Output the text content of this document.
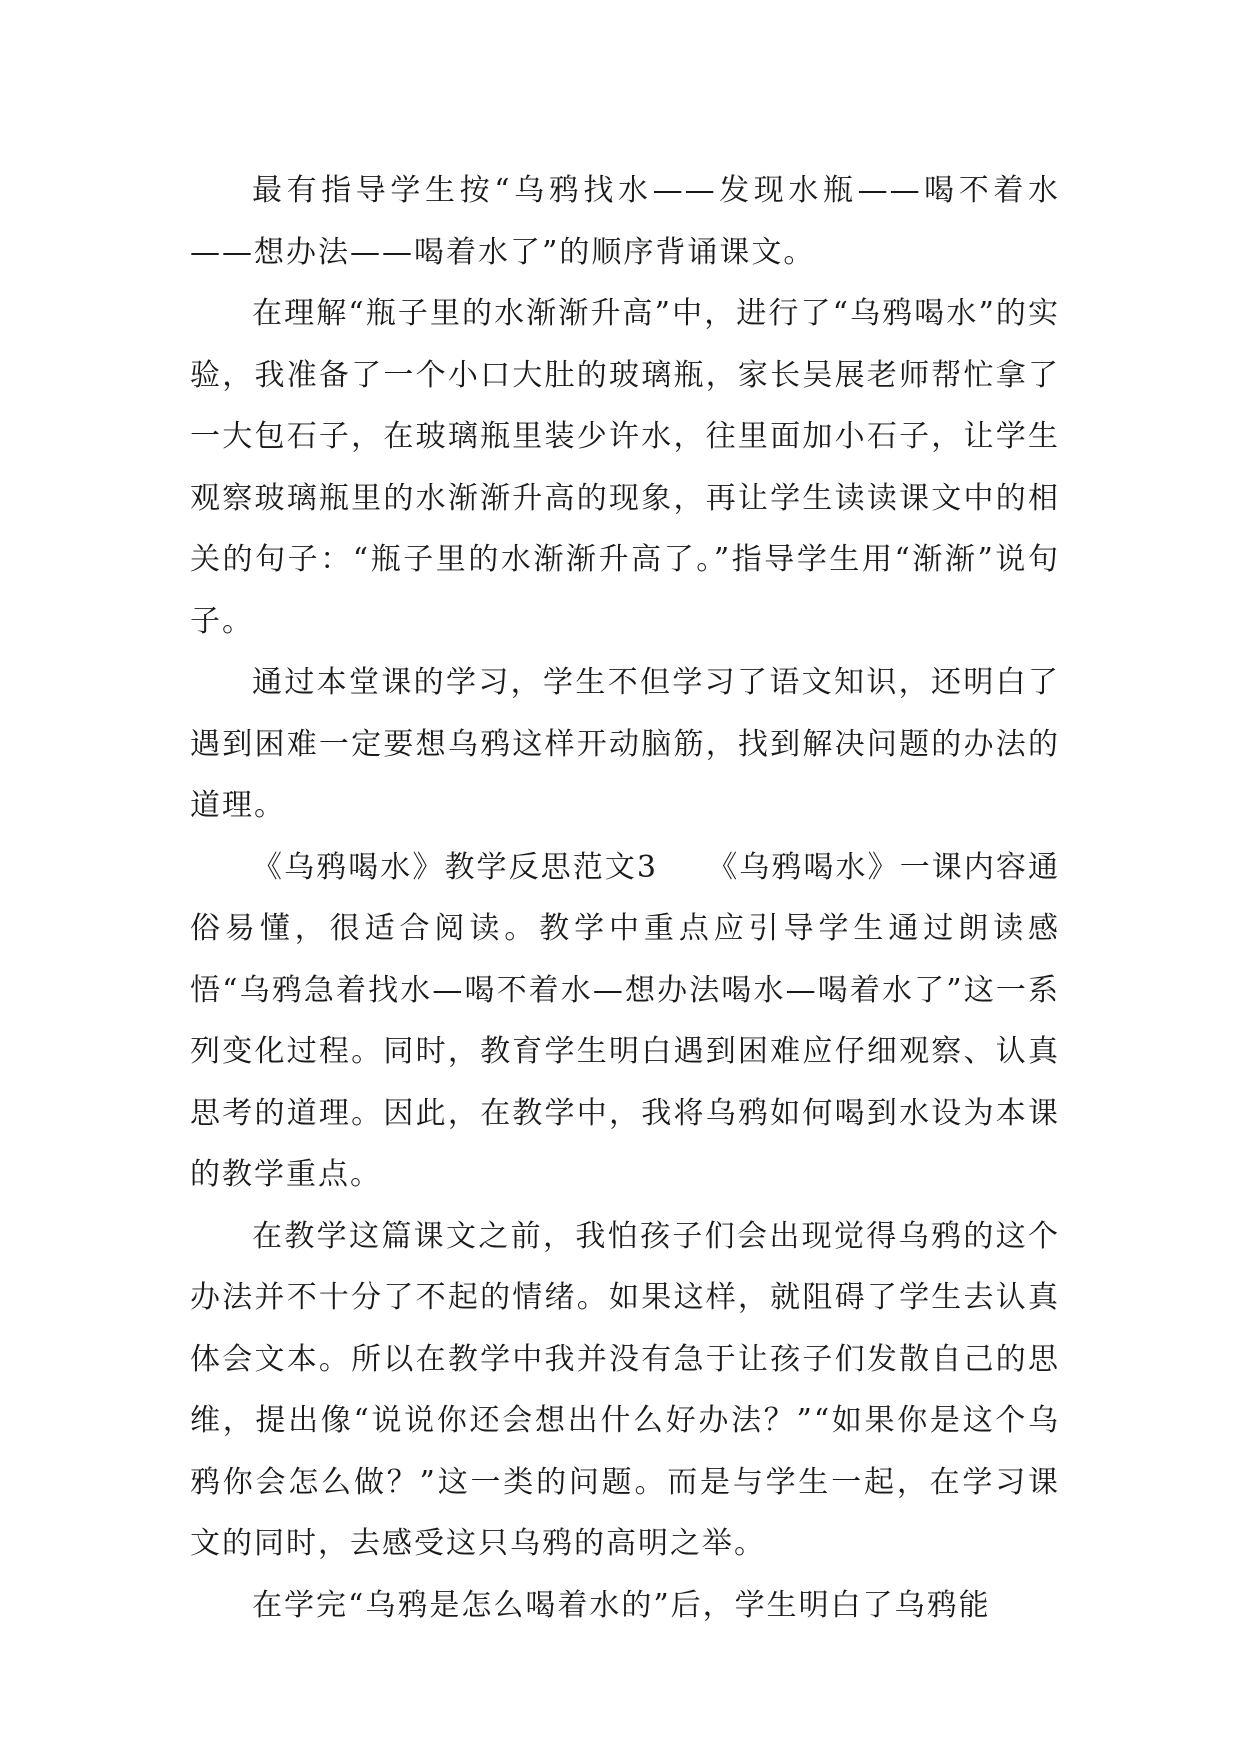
最有指导学生按“乌鸦找水——发现水瓶——喝不着水——想办法——喝着水了”的顺序背诵课文。

在理解“瓶子里的水渐渐升高”中，进行了“乌鸦喝水”的实验，我准备了一个小口大肚的玻璃瓶，家长吴展老师帮忙拿了一大包石子，在玻璃瓶里装少许水，往里面加小石子，让学生观察玻璃瓶里的水渐渐升高的现象，再让学生读读课文中的相关的句子：“瓶子里的水渐渐升高了。”指导学生用“渐渐”说句子。

通过本堂课的学习，学生不但学习了语文知识，还明白了遇到困难一定要想乌鸦这样开动脑筋，找到解决问题的办法的道理。

《乌鸦喝水》教学反思范文3　　《乌鸦喝水》一课内容通俗易懂，很适合阅读。教学中重点应引导学生通过朗读感悟“乌鸦急着找水—喝不着水—想办法喝水—喝着水了”这一系列变化过程。同时，教育学生明白遇到困难应仔细观察、认真思考的道理。因此，在教学中，我将乌鸦如何喝到水设为本课的教学重点。

在教学这篇课文之前，我怕孩子们会出现觉得乌鸦的这个办法并不十分了不起的情绪。如果这样，就阻碍了学生去认真体会文本。所以在教学中我并没有急于让孩子们发散自己的思维，提出像“说说你还会想出什么好办法？”“如果你是这个乌鸦你会怎么做？”这一类的问题。而是与学生一起，在学习课文的同时，去感受这只乌鸦的高明之举。

在学完“乌鸦是怎么喝着水的”后，学生明白了乌鸦能
